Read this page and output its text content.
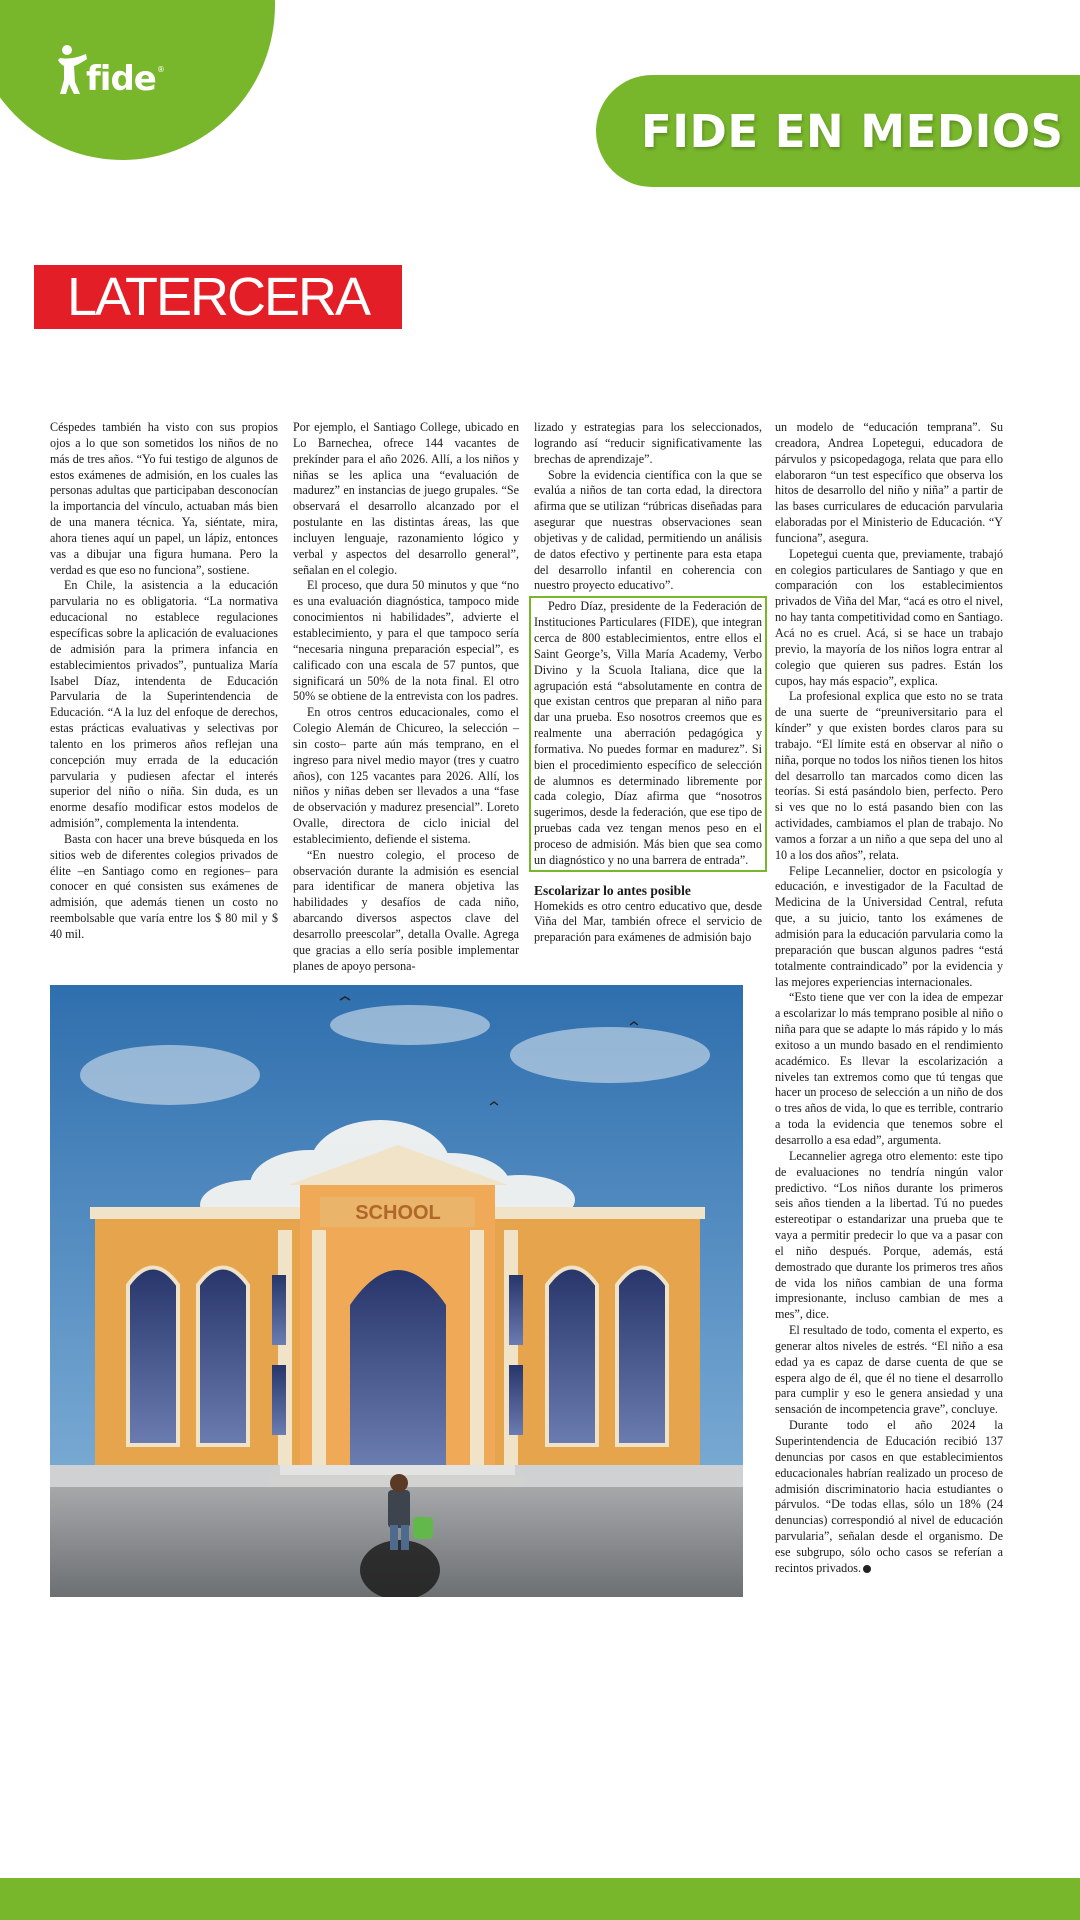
fide ®
FIDE EN MEDIOS
LATERCERA

Céspedes también ha visto con sus propios ojos a lo que son sometidos los niños de no más de tres años. “Yo fui testigo de algunos de estos exámenes de admisión, en los cuales las personas adultas que participaban desconocían la importancia del vínculo, actuaban más bien de una manera técnica. Ya, siéntate, mira, ahora tienes aquí un papel, un lápiz, entonces vas a dibujar una figura humana. Pero la verdad es que eso no funciona”, sostiene.

En Chile, la asistencia a la educación parvularia no es obligatoria. “La normativa educacional no establece regulaciones específicas sobre la aplicación de evaluaciones de admisión para la primera infancia en establecimientos privados”, puntualiza María Isabel Díaz, intendenta de Educación Parvularia de la Superintendencia de Educación. “A la luz del enfoque de derechos, estas prácticas evaluativas y selectivas por talento en los primeros años reflejan una concepción muy errada de la educación parvularia y pudiesen afectar el interés superior del niño o niña. Sin duda, es un enorme desafío modificar estos modelos de admisión”, complementa la intendenta.

Basta con hacer una breve búsqueda en los sitios web de diferentes colegios privados de élite –en Santiago como en regiones– para conocer en qué consisten sus exámenes de admisión, que además tienen un costo no reembolsable que varía entre los $ 80 mil y $ 40 mil.

Por ejemplo, el Santiago College, ubicado en Lo Barnechea, ofrece 144 vacantes de prekínder para el año 2026. Allí, a los niños y niñas se les aplica una “evaluación de madurez” en instancias de juego grupales. “Se observará el desarrollo alcanzado por el postulante en las distintas áreas, las que incluyen lenguaje, razonamiento lógico y verbal y aspectos del desarrollo general”, señalan en el colegio.

El proceso, que dura 50 minutos y que “no es una evaluación diagnóstica, tampoco mide conocimientos ni habilidades”, advierte el establecimiento, y para el que tampoco sería “necesaria ninguna preparación especial”, es calificado con una escala de 57 puntos, que significará un 50% de la nota final. El otro 50% se obtiene de la entrevista con los padres.

En otros centros educacionales, como el Colegio Alemán de Chicureo, la selección –sin costo– parte aún más temprano, en el ingreso para nivel medio mayor (tres y cuatro años), con 125 vacantes para 2026. Allí, los niños y niñas deben ser llevados a una “fase de observación y madurez presencial”. Loreto Ovalle, directora de ciclo inicial del establecimiento, defiende el sistema.

“En nuestro colegio, el proceso de observación durante la admisión es esencial para identificar de manera objetiva las habilidades y desafíos de cada niño, abarcando diversos aspectos clave del desarrollo preescolar”, detalla Ovalle. Agrega que gracias a ello sería posible implementar planes de apoyo persona-

lizado y estrategias para los seleccionados, logrando así “reducir significativamente las brechas de aprendizaje”.

Sobre la evidencia científica con la que se evalúa a niños de tan corta edad, la directora afirma que se utilizan “rúbricas diseñadas para asegurar que nuestras observaciones sean objetivas y de calidad, permitiendo un análisis de datos efectivo y pertinente para esta etapa del desarrollo infantil en coherencia con nuestro proyecto educativo”.

Pedro Díaz, presidente de la Federación de Instituciones Particulares (FIDE), que integran cerca de 800 establecimientos, entre ellos el Saint George’s, Villa María Academy, Verbo Divino y la Scuola Italiana, dice que la agrupación está “absolutamente en contra de que existan centros que preparan al niño para dar una prueba. Eso nosotros creemos que es realmente una aberración pedagógica y formativa. No puedes formar en madurez”. Si bien el procedimiento específico de selección de alumnos es determinado libremente por cada colegio, Díaz afirma que “nosotros sugerimos, desde la federación, que ese tipo de pruebas cada vez tengan menos peso en el proceso de admisión. Más bien que sea como un diagnóstico y no una barrera de entrada”.

Escolarizar lo antes posible

Homekids es otro centro educativo que, desde Viña del Mar, también ofrece el servicio de preparación para exámenes de admisión bajo

un modelo de “educación temprana”. Su creadora, Andrea Lopetegui, educadora de párvulos y psicopedagoga, relata que para ello elaboraron “un test específico que observa los hitos de desarrollo del niño y niña” a partir de las bases curriculares de educación parvularia elaboradas por el Ministerio de Educación. “Y funciona”, asegura.

Lopetegui cuenta que, previamente, trabajó en colegios particulares de Santiago y que en comparación con los establecimientos privados de Viña del Mar, “acá es otro el nivel, no hay tanta competitividad como en Santiago. Acá no es cruel. Acá, si se hace un trabajo previo, la mayoría de los niños logra entrar al colegio que quieren sus padres. Están los cupos, hay más espacio”, explica.

La profesional explica que esto no se trata de una suerte de “preuniversitario para el kínder” y que existen bordes claros para su trabajo. “El límite está en observar al niño o niña, porque no todos los niños tienen los hitos del desarrollo tan marcados como dicen las teorías. Si está pasándolo bien, perfecto. Pero si ves que no lo está pasando bien con las actividades, cambiamos el plan de trabajo. No vamos a forzar a un niño a que sepa del uno al 10 a los dos años”, relata.

Felipe Lecannelier, doctor en psicología y educación, e investigador de la Facultad de Medicina de la Universidad Central, refuta que, a su juicio, tanto los exámenes de admisión para la educación parvularia como la preparación que buscan algunos padres “está totalmente contraindicado” por la evidencia y las mejores experiencias internacionales.

“Esto tiene que ver con la idea de empezar a escolarizar lo más temprano posible al niño o niña para que se adapte lo más rápido y lo más exitoso a un mundo basado en el rendimiento académico. Es llevar la escolarización a niveles tan extremos como que tú tengas que hacer un proceso de selección a un niño de dos o tres años de vida, lo que es terrible, contrario a toda la evidencia que tenemos sobre el desarrollo a esa edad”, argumenta.

Lecannelier agrega otro elemento: este tipo de evaluaciones no tendría ningún valor predictivo. “Los niños durante los primeros seis años tienden a la libertad. Tú no puedes estereotipar o estandarizar una prueba que te vaya a permitir predecir lo que va a pasar con el niño después. Porque, además, está demostrado que durante los primeros tres años de vida los niños cambian de una forma impresionante, incluso cambian de mes a mes”, dice.

El resultado de todo, comenta el experto, es generar altos niveles de estrés. “El niño a esa edad ya es capaz de darse cuenta de que se espera algo de él, que él no tiene el desarrollo para cumplir y eso le genera ansiedad y una sensación de incompetencia grave”, concluye.

Durante todo el año 2024 la Superintendencia de Educación recibió 137 denuncias por casos en que establecimientos educacionales habrían realizado un proceso de admisión discriminatorio hacia estudiantes o párvulos. “De todas ellas, sólo un 18% (24 denuncias) correspondió al nivel de educación parvularia”, señalan desde el organismo. De ese subgrupo, sólo ocho casos se referían a recintos privados.

SCHOOL
